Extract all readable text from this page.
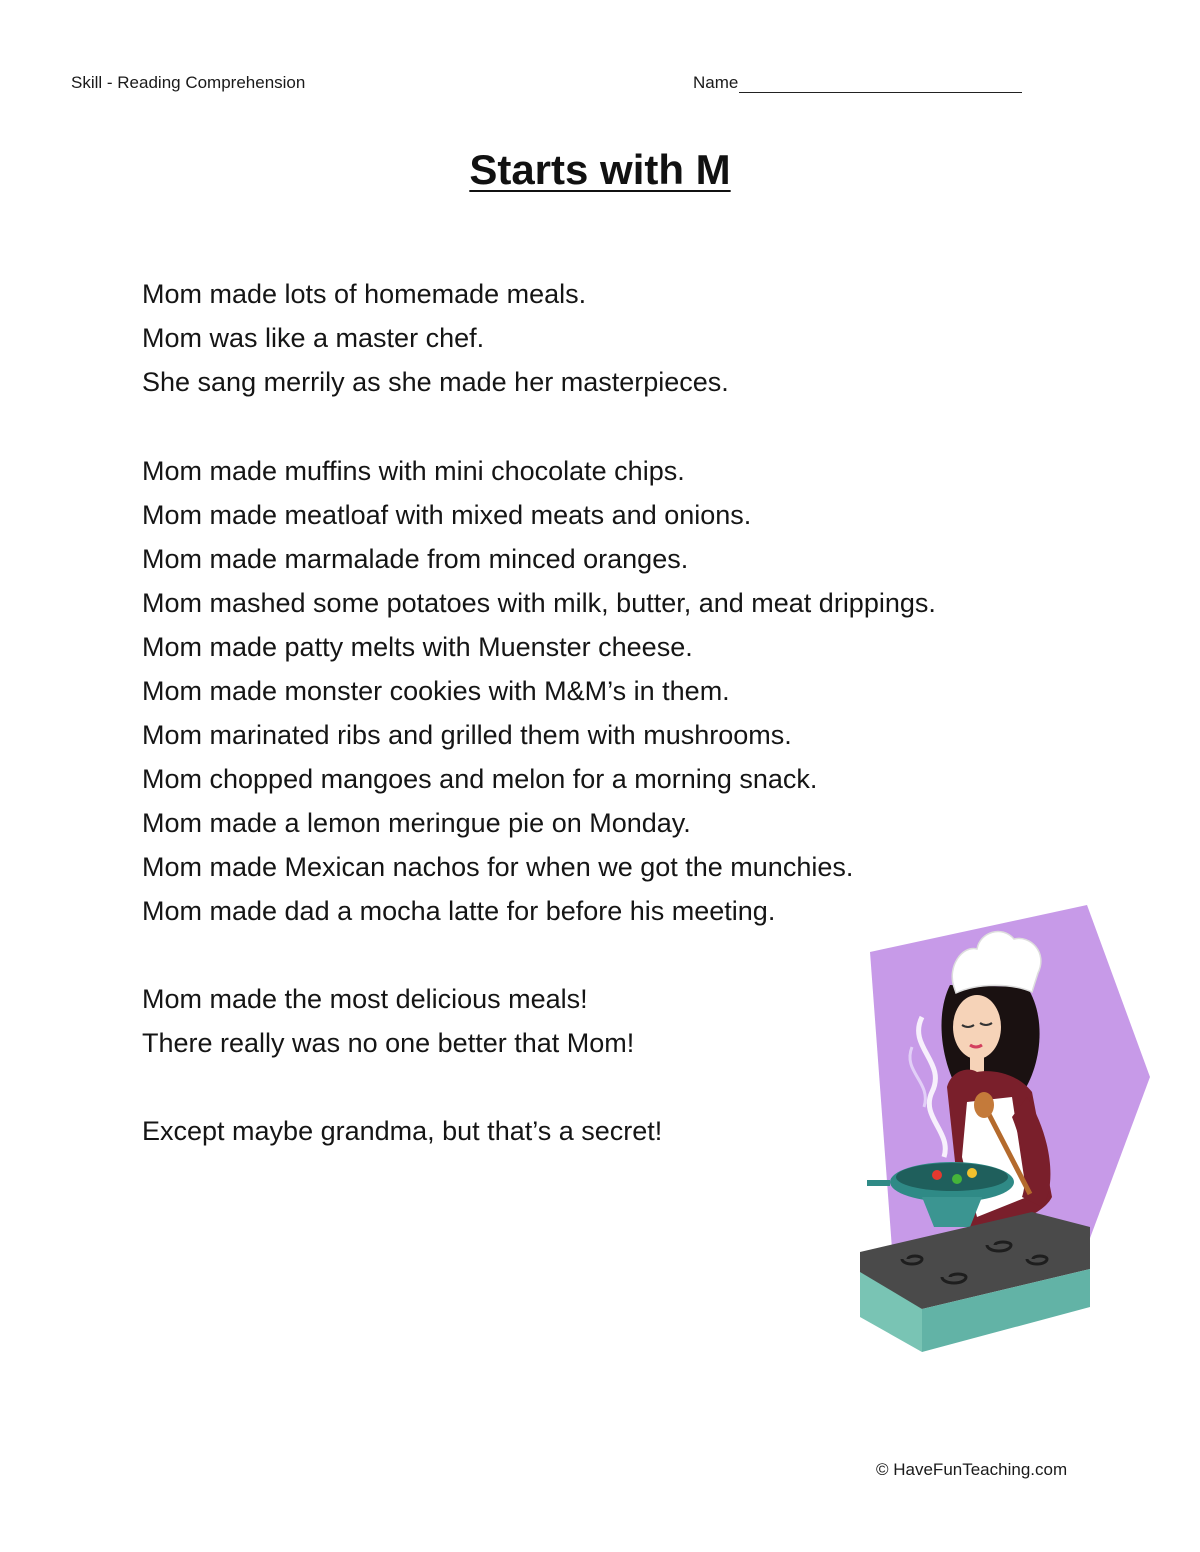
Skill - Reading Comprehension	Name
Starts with M
Mom made lots of homemade meals.
Mom was like a master chef.
She sang merrily as she made her masterpieces.
Mom made muffins with mini chocolate chips.
Mom made meatloaf with mixed meats and onions.
Mom made marmalade from minced oranges.
Mom mashed some potatoes with milk, butter, and meat drippings.
Mom made patty melts with Muenster cheese.
Mom made monster cookies with M&M’s in them.
Mom marinated ribs and grilled them with mushrooms.
Mom chopped mangoes and melon for a morning snack.
Mom made a lemon meringue pie on Monday.
Mom made Mexican nachos for when we got the munchies.
Mom made dad a mocha latte for before his meeting.
Mom made the most delicious meals!
There really was no one better that Mom!
Except maybe grandma, but that’s a secret!
© HaveFunTeaching.com
